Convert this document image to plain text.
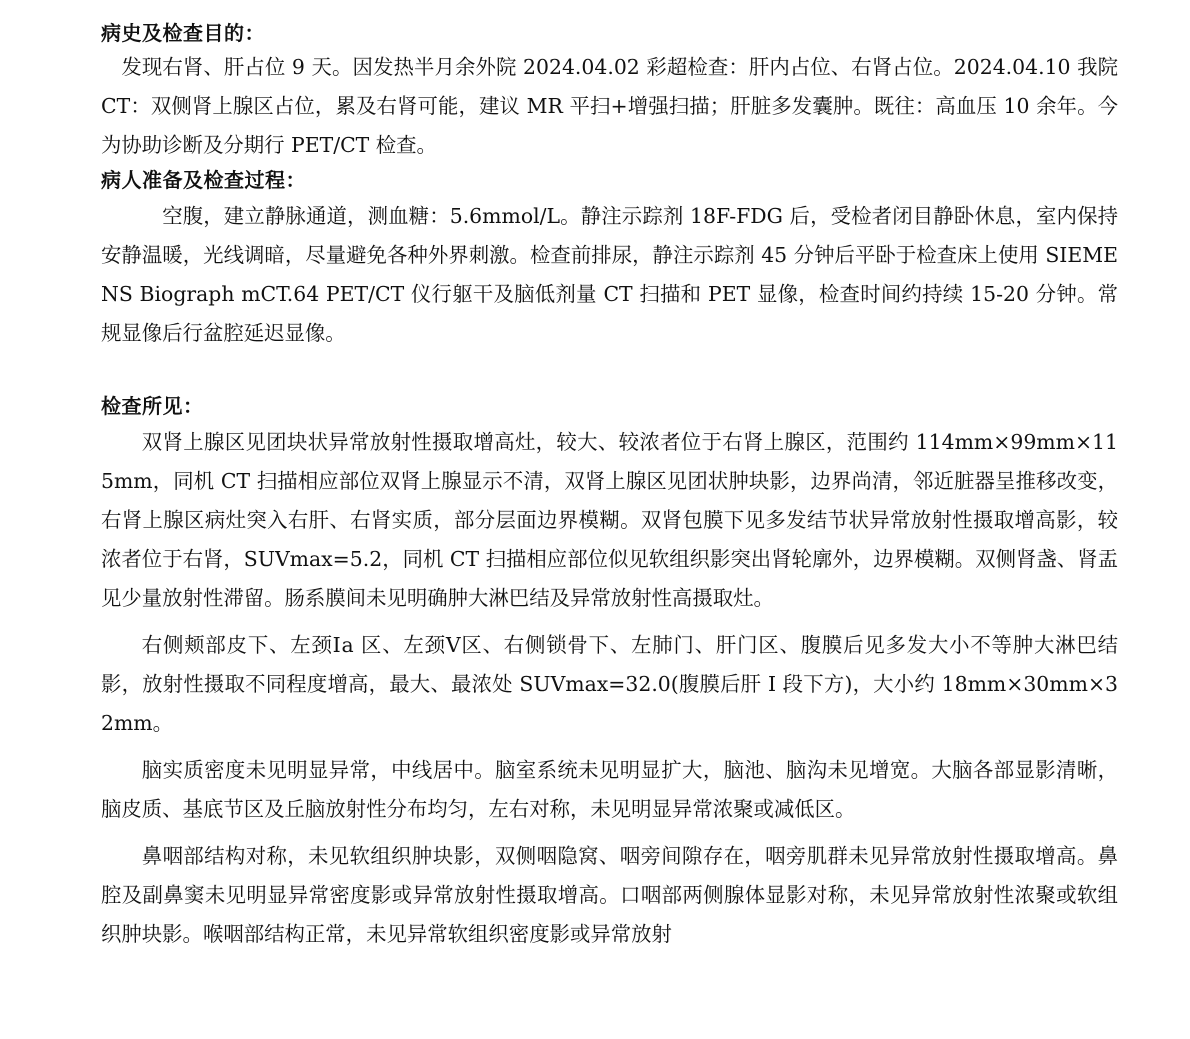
病史及检查目的：

发现右肾、肝占位 9 天。因发热半月余外院 2024.04.02 彩超检查：肝内占位、右肾占位。2024.04.10 我院 CT：双侧肾上腺区占位，累及右肾可能，建议 MR 平扫+增强扫描；肝脏多发囊肿。既往：高血压 10 余年。今为协助诊断及分期行 PET/CT 检查。

病人准备及检查过程：

空腹，建立静脉通道，测血糖：5.6mmol/L。静注示踪剂 18F-FDG 后，受检者闭目静卧休息，室内保持安静温暖，光线调暗，尽量避免各种外界刺激。检查前排尿，静注示踪剂 45 分钟后平卧于检查床上使用 SIEMENS Biograph mCT.64 PET/CT 仪行躯干及脑低剂量 CT 扫描和 PET 显像，检查时间约持续 15-20 分钟。常规显像后行盆腔延迟显像。

检查所见：

双肾上腺区见团块状异常放射性摄取增高灶，较大、较浓者位于右肾上腺区，范围约 114mm×99mm×115mm，同机 CT 扫描相应部位双肾上腺显示不清，双肾上腺区见团状肿块影，边界尚清，邻近脏器呈推移改变，右肾上腺区病灶突入右肝、右肾实质，部分层面边界模糊。双肾包膜下见多发结节状异常放射性摄取增高影，较浓者位于右肾，SUVmax=5.2，同机 CT 扫描相应部位似见软组织影突出肾轮廓外，边界模糊。双侧肾盏、肾盂见少量放射性滞留。肠系膜间未见明确肿大淋巴结及异常放射性高摄取灶。

右侧颊部皮下、左颈Ⅰa 区、左颈Ⅴ区、右侧锁骨下、左肺门、肝门区、腹膜后见多发大小不等肿大淋巴结影，放射性摄取不同程度增高，最大、最浓处 SUVmax=32.0(腹膜后肝 I 段下方)，大小约 18mm×30mm×32mm。

脑实质密度未见明显异常，中线居中。脑室系统未见明显扩大，脑池、脑沟未见增宽。大脑各部显影清晰，脑皮质、基底节区及丘脑放射性分布均匀，左右对称，未见明显异常浓聚或减低区。

鼻咽部结构对称，未见软组织肿块影，双侧咽隐窝、咽旁间隙存在，咽旁肌群未见异常放射性摄取增高。鼻腔及副鼻窦未见明显异常密度影或异常放射性摄取增高。口咽部两侧腺体显影对称，未见异常放射性浓聚或软组织肿块影。喉咽部结构正常，未见异常软组织密度影或异常放射
